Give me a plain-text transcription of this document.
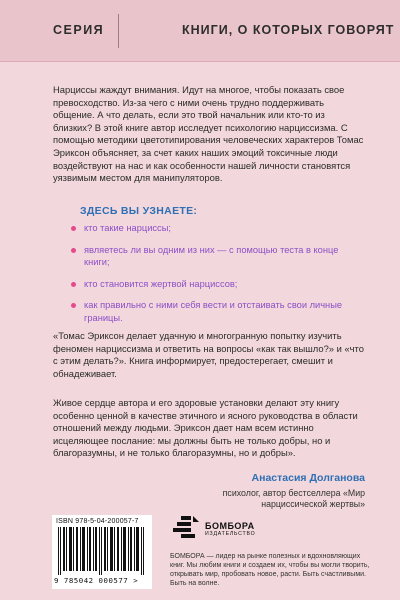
СЕРИЯ	КНИГИ, О КОТОРЫХ ГОВОРЯТ

Нарциссы жаждут внимания. Идут на многое, чтобы показать свое превосходство. Из-за чего с ними очень трудно поддерживать общение. А что делать, если это твой начальник или кто-то из близких? В этой книге автор исследует психологию нарциссизма. С помощью методики цветотипирования человеческих характеров Томас Эриксон объясняет, за счет каких наших эмоций токсичные люди воздействуют на нас и как особенности нашей личности становятся уязвимым местом для манипуляторов.

ЗДЕСЬ ВЫ УЗНАЕТЕ:
кто такие нарциссы;
являетесь ли вы одним из них — с помощью теста в конце книги;
кто становится жертвой нарциссов;
как правильно с ними себя вести и отстаивать свои личные границы.

«Томас Эриксон делает удачную и многогранную попытку изучить феномен нарциссизма и ответить на вопросы «как так вышло?» и «что с этим делать?». Книга информирует, предостерегает, смешит и обнадеживает.

Живое сердце автора и его здоровые установки делают эту книгу особенно ценной в качестве этичного и ясного руководства в области отношений между людьми. Эриксон дает нам всем истинно исцеляющее послание: мы должны быть не только добры, но и благоразумны, и не только благоразумны, но и добры».

Анастасия Долганова
психолог, автор бестселлера «Мир нарциссической жертвы»
ISBN 978-5-04-200057-7
9 785042 000577 >
БОМБОРА
ИЗДАТЕЛЬСТВО

БОМБОРА — лидер на рынке полезных и вдохновляющих книг. Мы любим книги и создаем их, чтобы вы могли творить, открывать мир, пробовать новое, расти. Быть счастливыми. Быть на волне.
